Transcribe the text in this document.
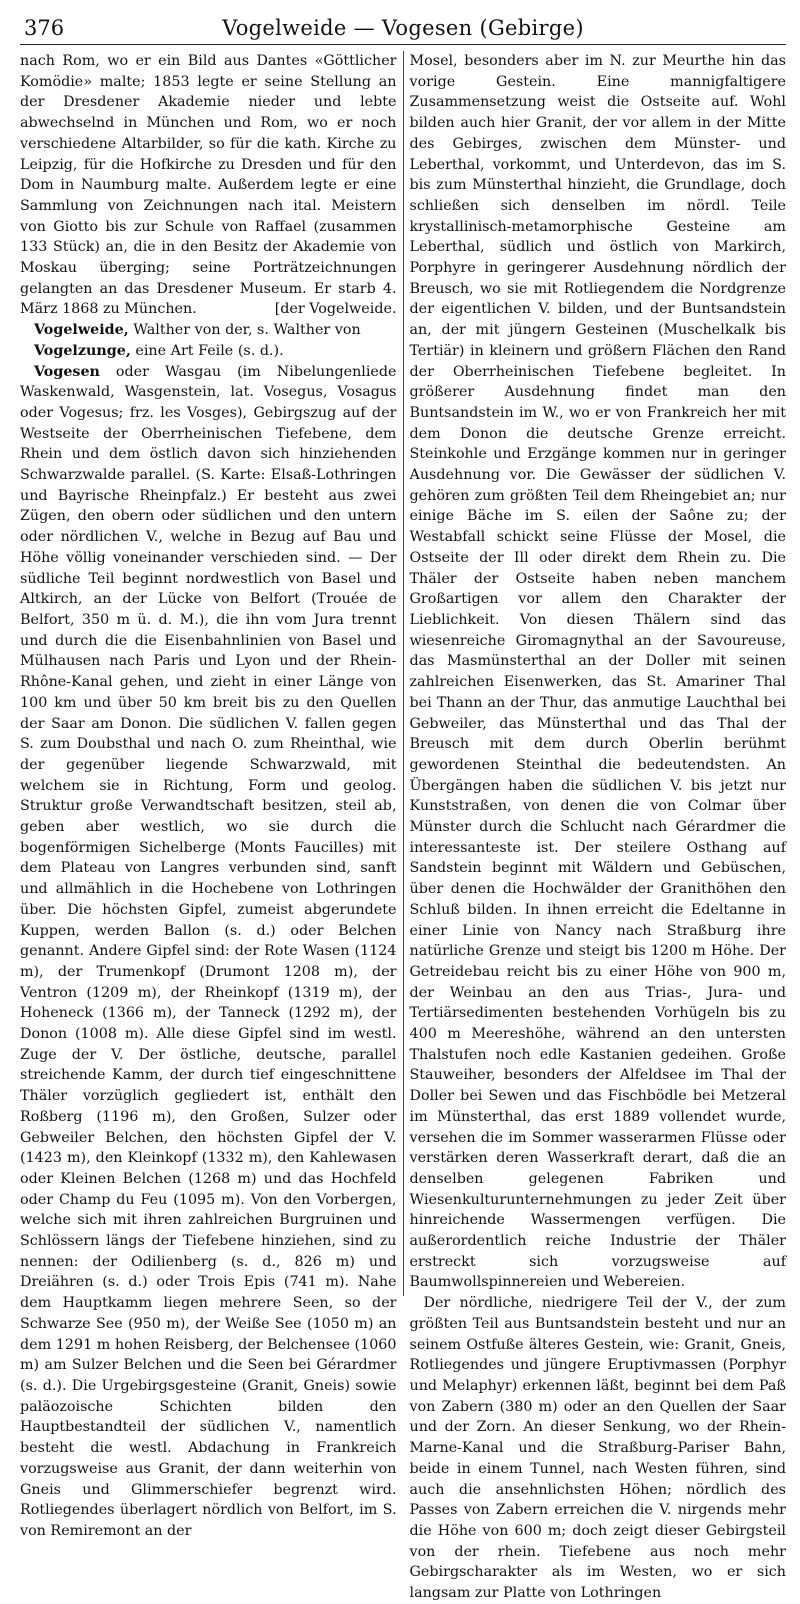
376	Vogelweide — Vogesen (Gebirge)

nach Rom, wo er ein Bild aus Dantes «Göttlicher Komödie» malte; 1853 legte er seine Stellung an der Dresdener Akademie nieder und lebte abwechselnd in München und Rom, wo er noch verschiedene Altarbilder, so für die kath. Kirche zu Leipzig, für die Hofkirche zu Dresden und für den Dom in Naumburg malte. Außerdem legte er eine Sammlung von Zeichnungen nach ital. Meistern von Giotto bis zur Schule von Raffael (zusammen 133 Stück) an, die in den Besitz der Akademie von Moskau überging; seine Porträtzeichnungen gelangten an das Dresdener Museum. Er starb 4. März 1868 zu München.	[der Vogelweide.

Vogelweide, Walther von der, s. Walther von

Vogelzunge, eine Art Feile (s. d.).

Vogesen oder Wasgau (im Nibelungenliede Waskenwald, Wasgenstein, lat. Vosegus, Vosagus oder Vogesus; frz. les Vosges), Gebirgszug auf der Westseite der Oberrheinischen Tiefebene, dem Rhein und dem östlich davon sich hinziehenden Schwarzwalde parallel. (S. Karte: Elsaß-Lothringen und Bayrische Rheinpfalz.) Er besteht aus zwei Zügen, den obern oder südlichen und den untern oder nördlichen V., welche in Bezug auf Bau und Höhe völlig voneinander verschieden sind. — Der südliche Teil beginnt nordwestlich von Basel und Altkirch, an der Lücke von Belfort (Trouée de Belfort, 350 m ü. d. M.), die ihn vom Jura trennt und durch die die Eisenbahnlinien von Basel und Mülhausen nach Paris und Lyon und der Rhein-Rhône-Kanal gehen, und zieht in einer Länge von 100 km und über 50 km breit bis zu den Quellen der Saar am Donon. Die südlichen V. fallen gegen S. zum Doubsthal und nach O. zum Rheinthal, wie der gegenüber liegende Schwarzwald, mit welchem sie in Richtung, Form und geolog. Struktur große Verwandtschaft besitzen, steil ab, geben aber westlich, wo sie durch die bogenförmigen Sichelberge (Monts Faucilles) mit dem Plateau von Langres verbunden sind, sanft und allmählich in die Hochebene von Lothringen über. Die höchsten Gipfel, zumeist abgerundete Kuppen, werden Ballon (s. d.) oder Belchen genannt. Andere Gipfel sind: der Rote Wasen (1124 m), der Trumenkopf (Drumont 1208 m), der Ventron (1209 m), der Rheinkopf (1319 m), der Hoheneck (1366 m), der Tanneck (1292 m), der Donon (1008 m). Alle diese Gipfel sind im westl. Zuge der V. Der östliche, deutsche, parallel streichende Kamm, der durch tief eingeschnittene Thäler vorzüglich gegliedert ist, enthält den Roßberg (1196 m), den Großen, Sulzer oder Gebweiler Belchen, den höchsten Gipfel der V. (1423 m), den Kleinkopf (1332 m), den Kahlewasen oder Kleinen Belchen (1268 m) und das Hochfeld oder Champ du Feu (1095 m). Von den Vorbergen, welche sich mit ihren zahlreichen Burgruinen und Schlössern längs der Tiefebene hinziehen, sind zu nennen: der Odilienberg (s. d., 826 m) und Dreiähren (s. d.) oder Trois Epis (741 m). Nahe dem Hauptkamm liegen mehrere Seen, so der Schwarze See (950 m), der Weiße See (1050 m) an dem 1291 m hohen Reisberg, der Belchensee (1060 m) am Sulzer Belchen und die Seen bei Gérardmer (s. d.). Die Urgebirgsgesteine (Granit, Gneis) sowie paläozoische Schichten bilden den Hauptbestandteil der südlichen V., namentlich besteht die westl. Abdachung in Frankreich vorzugsweise aus Granit, der dann weiterhin von Gneis und Glimmerschiefer begrenzt wird. Rotliegendes überlagert nördlich von Belfort, im S. von Remiremont an der

Mosel, besonders aber im N. zur Meurthe hin das vorige Gestein. Eine mannigfaltigere Zusammensetzung weist die Ostseite auf. Wohl bilden auch hier Granit, der vor allem in der Mitte des Gebirges, zwischen dem Münster- und Leberthal, vorkommt, und Unterdevon, das im S. bis zum Münsterthal hinzieht, die Grundlage, doch schließen sich denselben im nördl. Teile krystallinisch-metamorphische Gesteine am Leberthal, südlich und östlich von Markirch, Porphyre in geringerer Ausdehnung nördlich der Breusch, wo sie mit Rotliegendem die Nordgrenze der eigentlichen V. bilden, und der Buntsandstein an, der mit jüngern Gesteinen (Muschelkalk bis Tertiär) in kleinern und größern Flächen den Rand der Oberrheinischen Tiefebene begleitet. In größerer Ausdehnung findet man den Buntsandstein im W., wo er von Frankreich her mit dem Donon die deutsche Grenze erreicht. Steinkohle und Erzgänge kommen nur in geringer Ausdehnung vor. Die Gewässer der südlichen V. gehören zum größten Teil dem Rheingebiet an; nur einige Bäche im S. eilen der Saône zu; der Westabfall schickt seine Flüsse der Mosel, die Ostseite der Ill oder direkt dem Rhein zu. Die Thäler der Ostseite haben neben manchem Großartigen vor allem den Charakter der Lieblichkeit. Von diesen Thälern sind das wiesenreiche Giromagnythal an der Savoureuse, das Masmünsterthal an der Doller mit seinen zahlreichen Eisenwerken, das St. Amariner Thal bei Thann an der Thur, das anmutige Lauchthal bei Gebweiler, das Münsterthal und das Thal der Breusch mit dem durch Oberlin berühmt gewordenen Steinthal die bedeutendsten. An Übergängen haben die südlichen V. bis jetzt nur Kunststraßen, von denen die von Colmar über Münster durch die Schlucht nach Gérardmer die interessanteste ist. Der steilere Osthang auf Sandstein beginnt mit Wäldern und Gebüschen, über denen die Hochwälder der Granithöhen den Schluß bilden. In ihnen erreicht die Edeltanne in einer Linie von Nancy nach Straßburg ihre natürliche Grenze und steigt bis 1200 m Höhe. Der Getreidebau reicht bis zu einer Höhe von 900 m, der Weinbau an den aus Trias-, Jura- und Tertiärsedimenten bestehenden Vorhügeln bis zu 400 m Meereshöhe, während an den untersten Thalstufen noch edle Kastanien gedeihen. Große Stauweiher, besonders der Alfeldsee im Thal der Doller bei Sewen und das Fischbödle bei Metzeral im Münsterthal, das erst 1889 vollendet wurde, versehen die im Sommer wasserarmen Flüsse oder verstärken deren Wasserkraft derart, daß die an denselben gelegenen Fabriken und Wiesenkulturunternehmungen zu jeder Zeit über hinreichende Wassermengen verfügen. Die außerordentlich reiche Industrie der Thäler erstreckt sich vorzugsweise auf Baumwollspinnereien und Webereien.

Der nördliche, niedrigere Teil der V., der zum größten Teil aus Buntsandstein besteht und nur an seinem Ostfuße älteres Gestein, wie: Granit, Gneis, Rotliegendes und jüngere Eruptivmassen (Porphyr und Melaphyr) erkennen läßt, beginnt bei dem Paß von Zabern (380 m) oder an den Quellen der Saar und der Zorn. An dieser Senkung, wo der Rhein-Marne-Kanal und die Straßburg-Pariser Bahn, beide in einem Tunnel, nach Westen führen, sind auch die ansehnlichsten Höhen; nördlich des Passes von Zabern erreichen die V. nirgends mehr die Höhe von 600 m; doch zeigt dieser Gebirgsteil von der rhein. Tiefebene aus noch mehr Gebirgscharakter als im Westen, wo er sich langsam zur Platte von Lothringen
